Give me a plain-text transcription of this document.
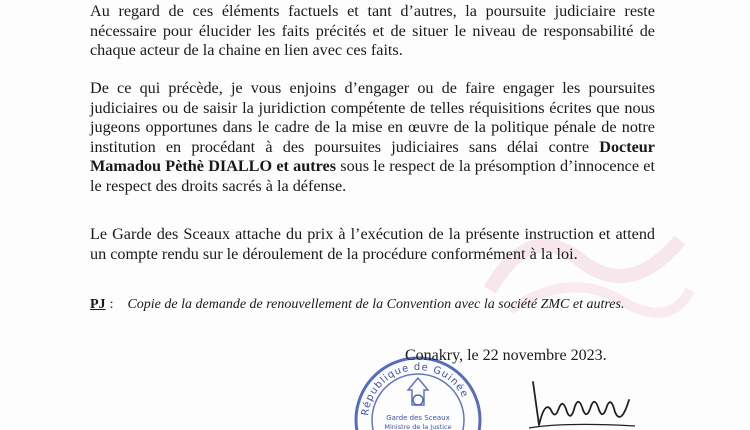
Au regard de ces éléments factuels et tant d’autres, la poursuite judiciaire reste nécessaire pour élucider les faits précités et de situer le niveau de responsabilité de chaque acteur de la chaine en lien avec ces faits.

De ce qui précède, je vous enjoins d’engager ou de faire engager les poursuites judiciaires ou de saisir la juridiction compétente de telles réquisitions écrites que nous jugeons opportunes dans le cadre de la mise en œuvre de la politique pénale de notre institution en procédant à des poursuites judiciaires sans délai contre Docteur Mamadou Pèthè DIALLO et autres sous le respect de la présomption d’innocence et le respect des droits sacrés à la défense.

Le Garde des Sceaux attache du prix à l’exécution de la présente instruction et attend un compte rendu sur le déroulement de la procédure conformément à la loi.

PJ : Copie de la demande de renouvellement de la Convention avec la société ZMC et autres.

République de Guinée
Garde des Sceaux
Ministre de la Justice

Conakry, le 22 novembre 2023.
